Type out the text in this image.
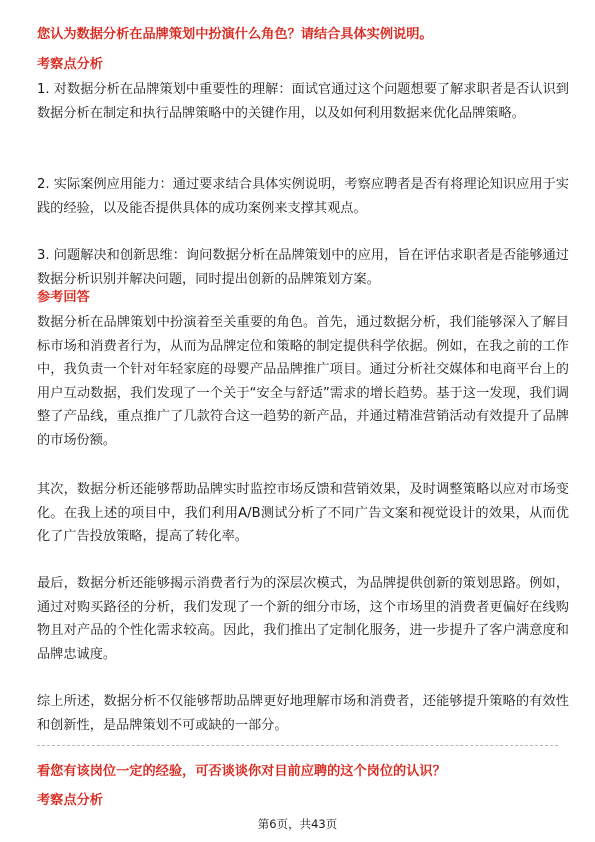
您认为数据分析在品牌策划中扮演什么角色？请结合具体实例说明。
考察点分析
1. 对数据分析在品牌策划中重要性的理解：面试官通过这个问题想要了解求职者是否认识到数据分析在制定和执行品牌策略中的关键作用，以及如何利用数据来优化品牌策略。
2. 实际案例应用能力：通过要求结合具体实例说明，考察应聘者是否有将理论知识应用于实践的经验，以及能否提供具体的成功案例来支撑其观点。
3. 问题解决和创新思维：询问数据分析在品牌策划中的应用，旨在评估求职者是否能够通过数据分析识别并解决问题，同时提出创新的品牌策划方案。
参考回答
数据分析在品牌策划中扮演着至关重要的角色。首先，通过数据分析，我们能够深入了解目标市场和消费者行为，从而为品牌定位和策略的制定提供科学依据。例如，在我之前的工作中，我负责一个针对年轻家庭的母婴产品品牌推广项目。通过分析社交媒体和电商平台上的用户互动数据，我们发现了一个关于“安全与舒适”需求的增长趋势。基于这一发现，我们调整了产品线，重点推广了几款符合这一趋势的新产品，并通过精准营销活动有效提升了品牌的市场份额。
其次，数据分析还能够帮助品牌实时监控市场反馈和营销效果，及时调整策略以应对市场变化。在我上述的项目中，我们利用A/B测试分析了不同广告文案和视觉设计的效果，从而优化了广告投放策略，提高了转化率。
最后，数据分析还能够揭示消费者行为的深层次模式，为品牌提供创新的策划思路。例如，通过对购买路径的分析，我们发现了一个新的细分市场，这个市场里的消费者更偏好在线购物且对产品的个性化需求较高。因此，我们推出了定制化服务，进一步提升了客户满意度和品牌忠诚度。
综上所述，数据分析不仅能够帮助品牌更好地理解市场和消费者，还能够提升策略的有效性和创新性，是品牌策划不可或缺的一部分。
看您有该岗位一定的经验，可否谈谈你对目前应聘的这个岗位的认识？
考察点分析
第6页，共43页
